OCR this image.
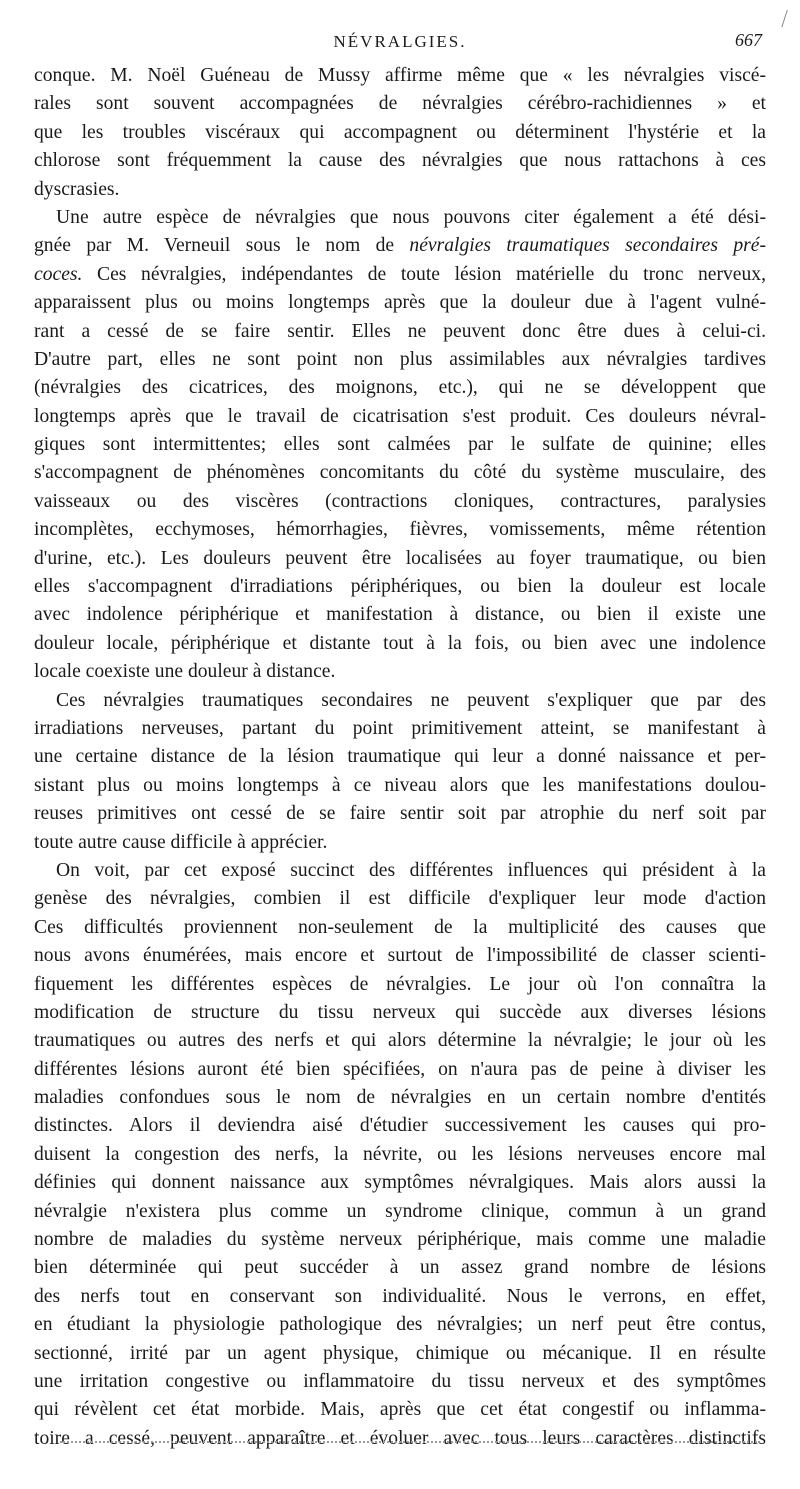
NÉVRALGIES.	667
conque. M. Noël Guéneau de Mussy affirme même que « les névralgies viscé-
rales sont souvent accompagnées de névralgies cérébro-rachidiennes » et
que les troubles viscéraux qui accompagnent ou déterminent l'hystérie et la
chlorose sont fréquemment la cause des névralgies que nous rattachons à ces
dyscrasies.
Une autre espèce de névralgies que nous pouvons citer également a été dési-
gnée par M. Verneuil sous le nom de névralgies traumatiques secondaires pré-
coces. Ces névralgies, indépendantes de toute lésion matérielle du tronc nerveux,
apparaissent plus ou moins longtemps après que la douleur due à l'agent vulné-
rant a cessé de se faire sentir. Elles ne peuvent donc être dues à celui-ci.
D'autre part, elles ne sont point non plus assimilables aux névralgies tardives
(névralgies des cicatrices, des moignons, etc.), qui ne se développent que
longtemps après que le travail de cicatrisation s'est produit. Ces douleurs névral-
giques sont intermittentes; elles sont calmées par le sulfate de quinine; elles
s'accompagnent de phénomènes concomitants du côté du système musculaire, des
vaisseaux ou des viscères (contractions cloniques, contractures, paralysies
incomplètes, ecchymoses, hémorrhagies, fièvres, vomissements, même rétention
d'urine, etc.). Les douleurs peuvent être localisées au foyer traumatique, ou bien
elles s'accompagnent d'irradiations périphériques, ou bien la douleur est locale
avec indolence périphérique et manifestation à distance, ou bien il existe une
douleur locale, périphérique et distante tout à la fois, ou bien avec une indolence
locale coexiste une douleur à distance.
Ces névralgies traumatiques secondaires ne peuvent s'expliquer que par des
irradiations nerveuses, partant du point primitivement atteint, se manifestant à
une certaine distance de la lésion traumatique qui leur a donné naissance et per-
sistant plus ou moins longtemps à ce niveau alors que les manifestations doulou-
reuses primitives ont cessé de se faire sentir soit par atrophie du nerf soit par
toute autre cause difficile à apprécier.
On voit, par cet exposé succinct des différentes influences qui président à la
genèse des névralgies, combien il est difficile d'expliquer leur mode d'action
Ces difficultés proviennent non-seulement de la multiplicité des causes que
nous avons énumérées, mais encore et surtout de l'impossibilité de classer scienti-
fiquement les différentes espèces de névralgies. Le jour où l'on connaîtra la
modification de structure du tissu nerveux qui succède aux diverses lésions
traumatiques ou autres des nerfs et qui alors détermine la névralgie; le jour où les
différentes lésions auront été bien spécifiées, on n'aura pas de peine à diviser les
maladies confondues sous le nom de névralgies en un certain nombre d'entités
distinctes. Alors il deviendra aisé d'étudier successivement les causes qui pro-
duisent la congestion des nerfs, la névrite, ou les lésions nerveuses encore mal
définies qui donnent naissance aux symptômes névralgiques. Mais alors aussi la
névralgie n'existera plus comme un syndrome clinique, commun à un grand
nombre de maladies du système nerveux périphérique, mais comme une maladie
bien déterminée qui peut succéder à un assez grand nombre de lésions
des nerfs tout en conservant son individualité. Nous le verrons, en effet,
en étudiant la physiologie pathologique des névralgies; un nerf peut être contus,
sectionné, irrité par un agent physique, chimique ou mécanique. Il en résulte
une irritation congestive ou inflammatoire du tissu nerveux et des symptômes
qui révèlent cet état morbide. Mais, après que cet état congestif ou inflamma-
toire a cessé, peuvent apparaître et évoluer avec tous leurs caractères distinctifs
